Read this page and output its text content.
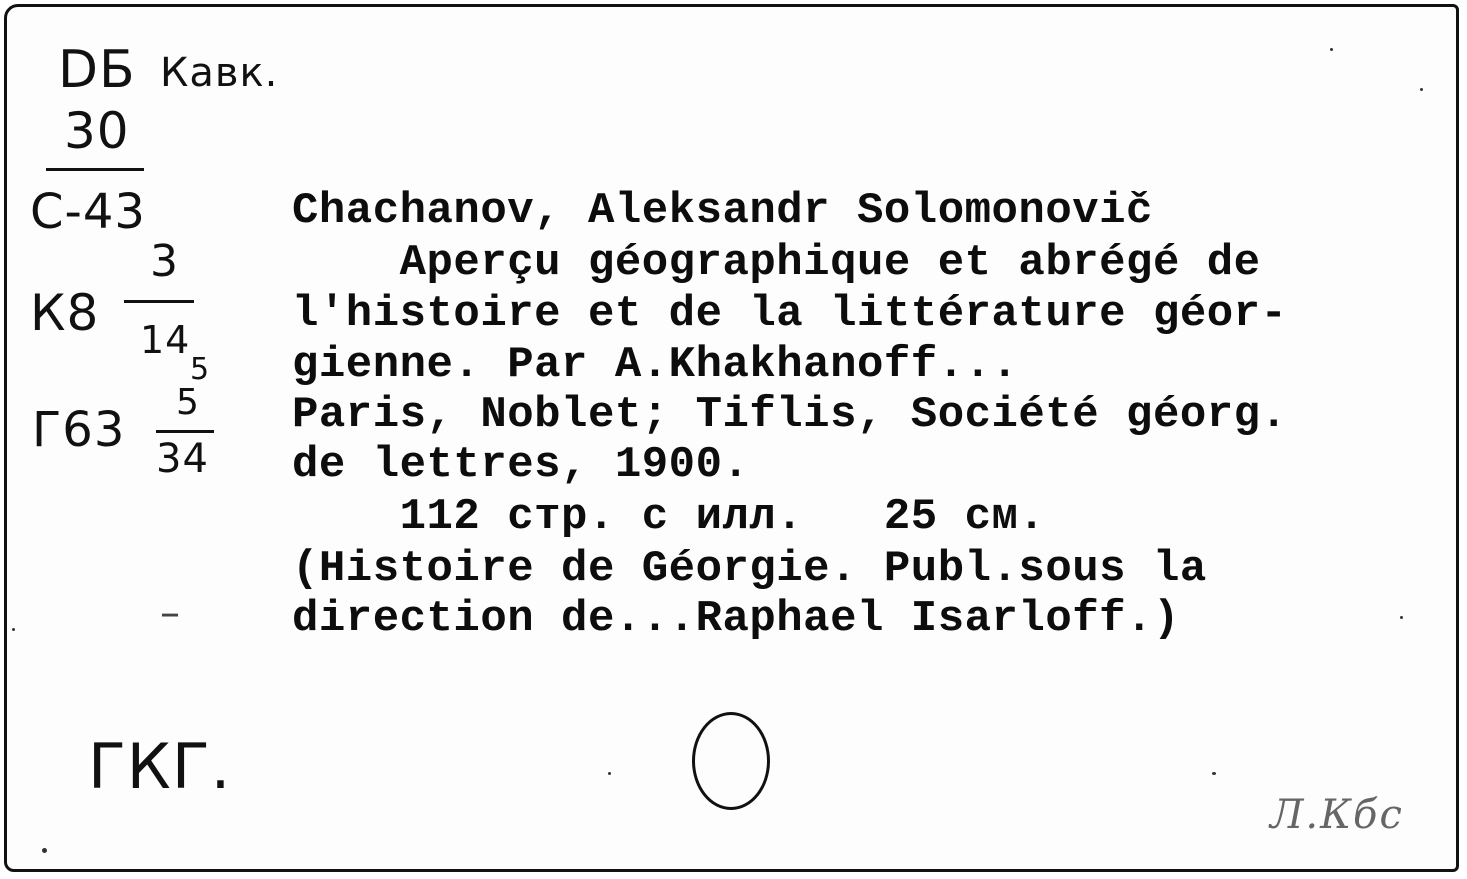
DБ Кавк.
30
С-43
К8
3
14
5
Г63 5
34
–
ГКГ.
Chachanov, Aleksandr Solomonovič
Aperçu géographique et abrégé de
l'histoire et de la littérature géor-
gienne. Par A.Khakhanoff...
Paris, Noblet; Tiflis, Société géorg.
de lettres, 1900.
112 стр. с илл.   25 см.
(Histoire de Géorgie. Publ.sous la
direction de...Raphael Isarloff.)
Л.Кбс
